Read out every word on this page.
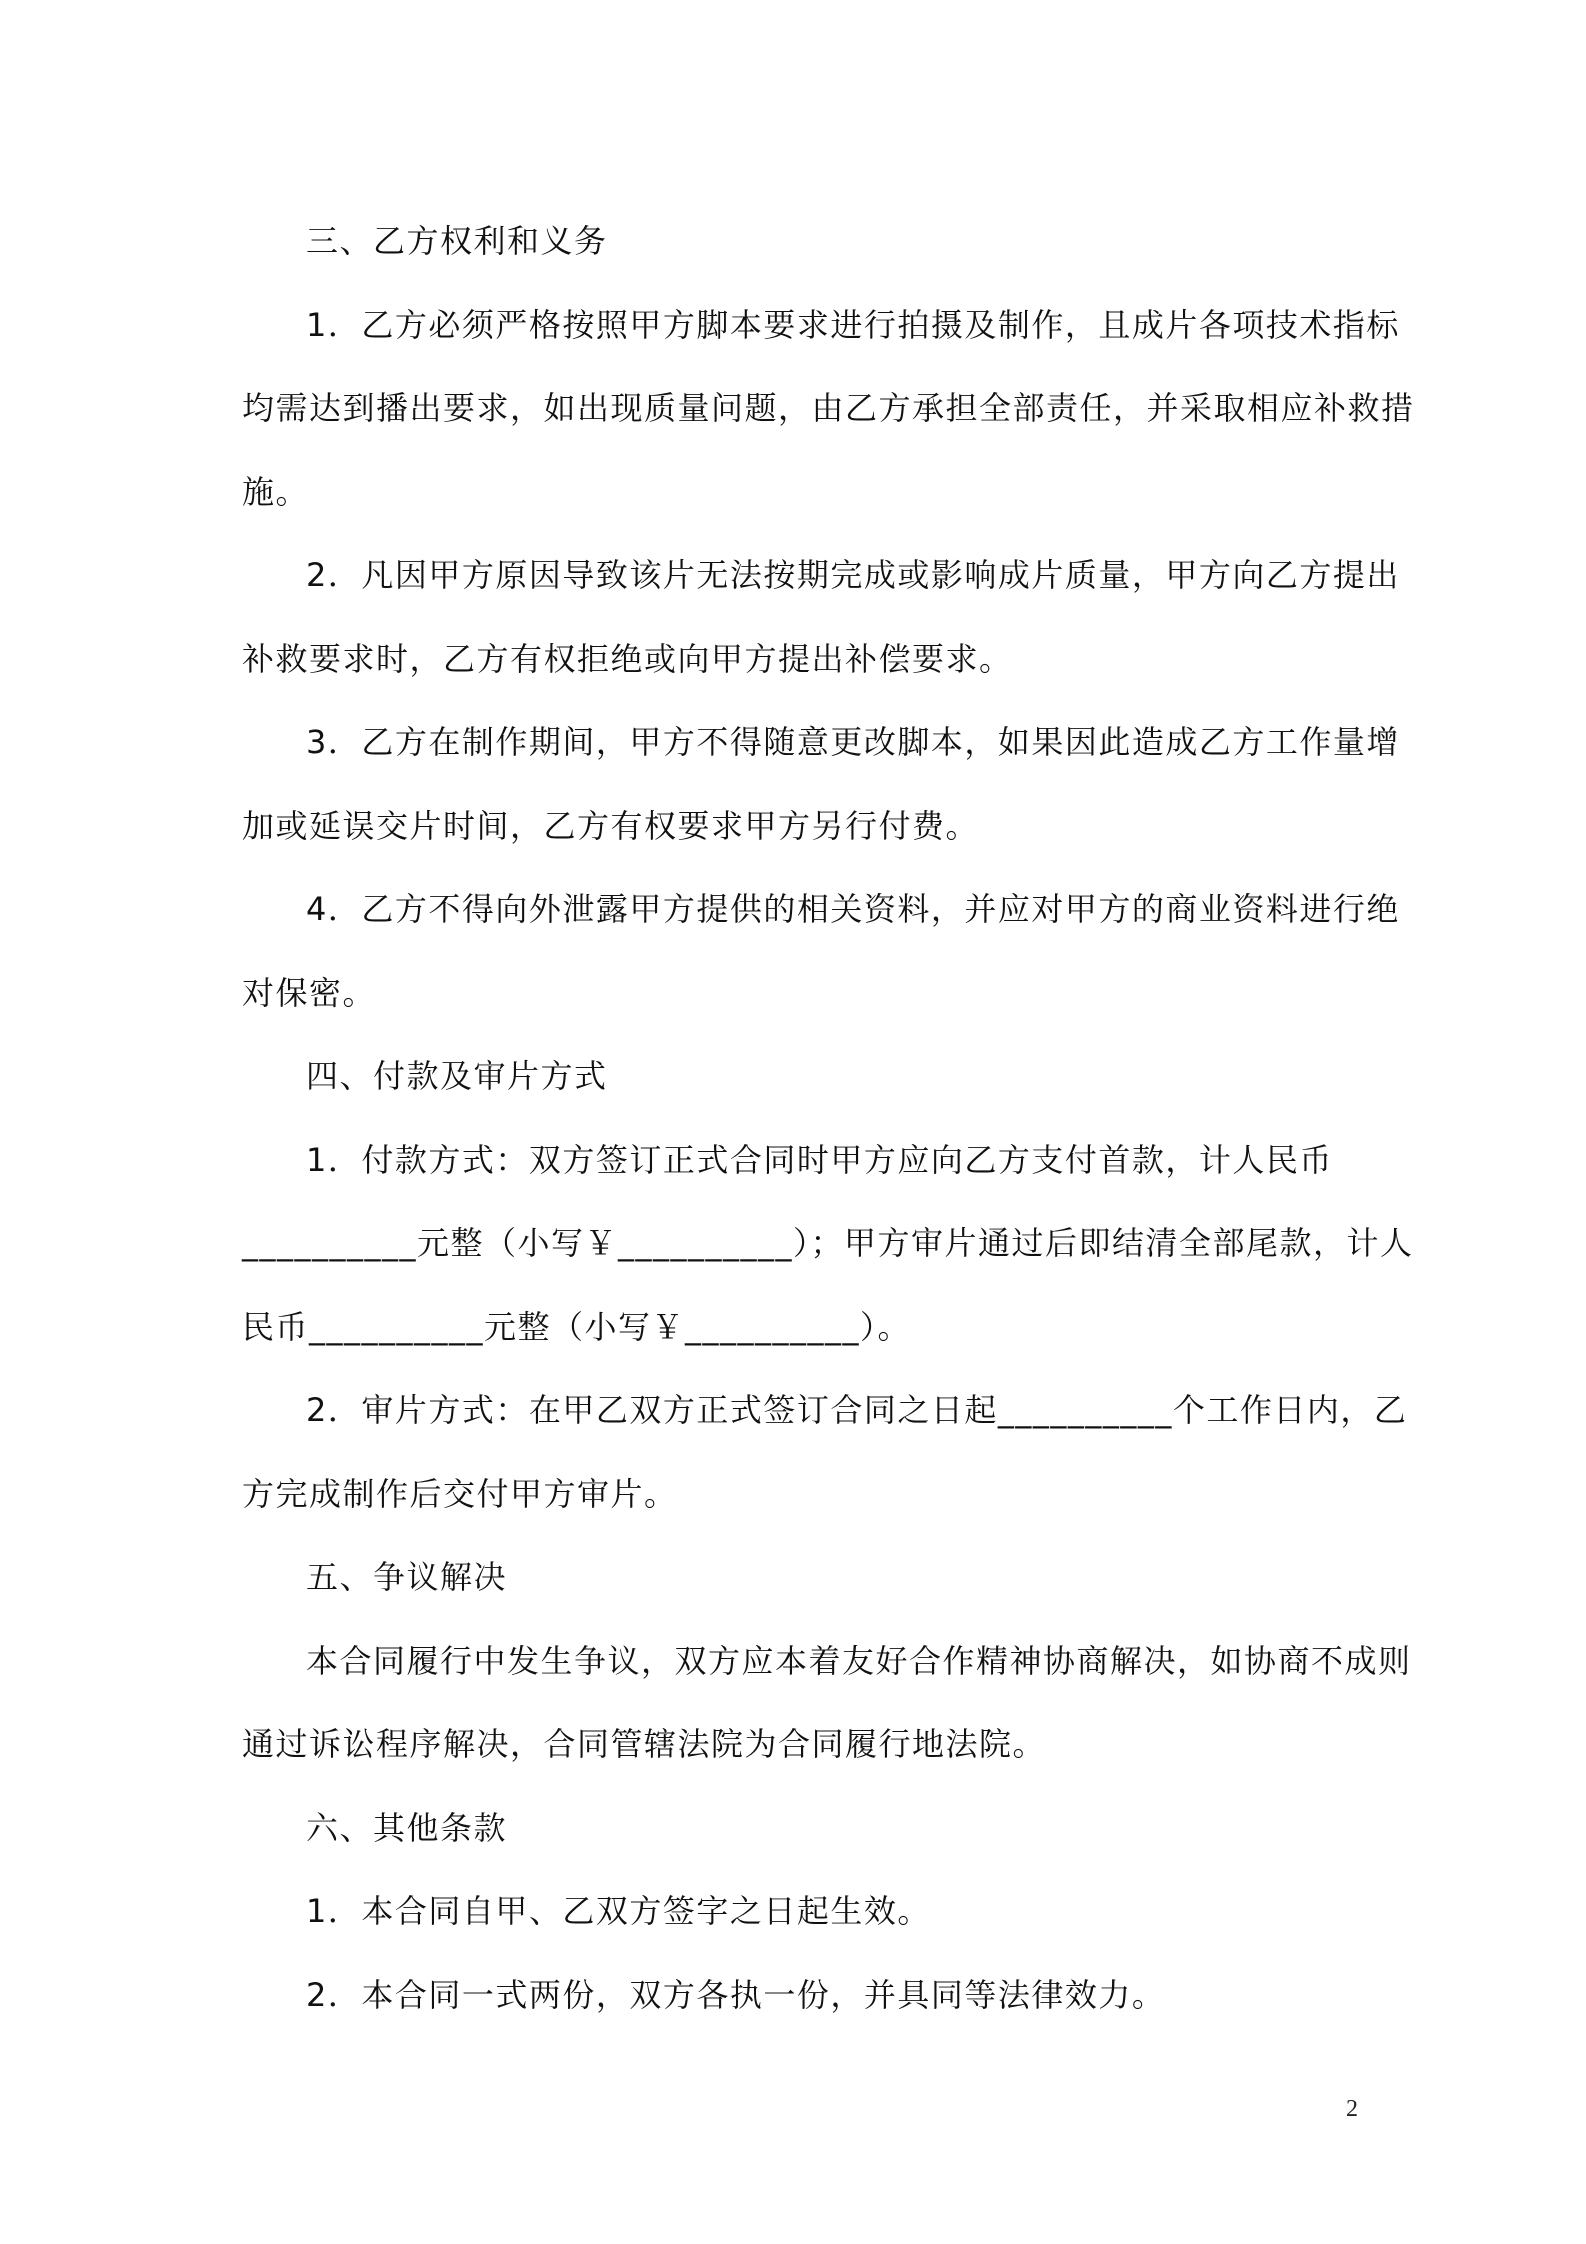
三、乙方权利和义务
1．乙方必须严格按照甲方脚本要求进行拍摄及制作，且成片各项技术指标
均需达到播出要求，如出现质量问题，由乙方承担全部责任，并采取相应补救措
施。
2．凡因甲方原因导致该片无法按期完成或影响成片质量，甲方向乙方提出
补救要求时，乙方有权拒绝或向甲方提出补偿要求。
3．乙方在制作期间，甲方不得随意更改脚本，如果因此造成乙方工作量增
加或延误交片时间，乙方有权要求甲方另行付费。
4．乙方不得向外泄露甲方提供的相关资料，并应对甲方的商业资料进行绝
对保密。
四、付款及审片方式
1．付款方式：双方签订正式合同时甲方应向乙方支付首款，计人民币
__________元整（小写￥__________）；甲方审片通过后即结清全部尾款，计人
民币__________元整（小写￥__________）。
2．审片方式：在甲乙双方正式签订合同之日起__________个工作日内，乙
方完成制作后交付甲方审片。
五、争议解决
本合同履行中发生争议，双方应本着友好合作精神协商解决，如协商不成则
通过诉讼程序解决，合同管辖法院为合同履行地法院。
六、其他条款
1．本合同自甲、乙双方签字之日起生效。
2．本合同一式两份，双方各执一份，并具同等法律效力。
2
